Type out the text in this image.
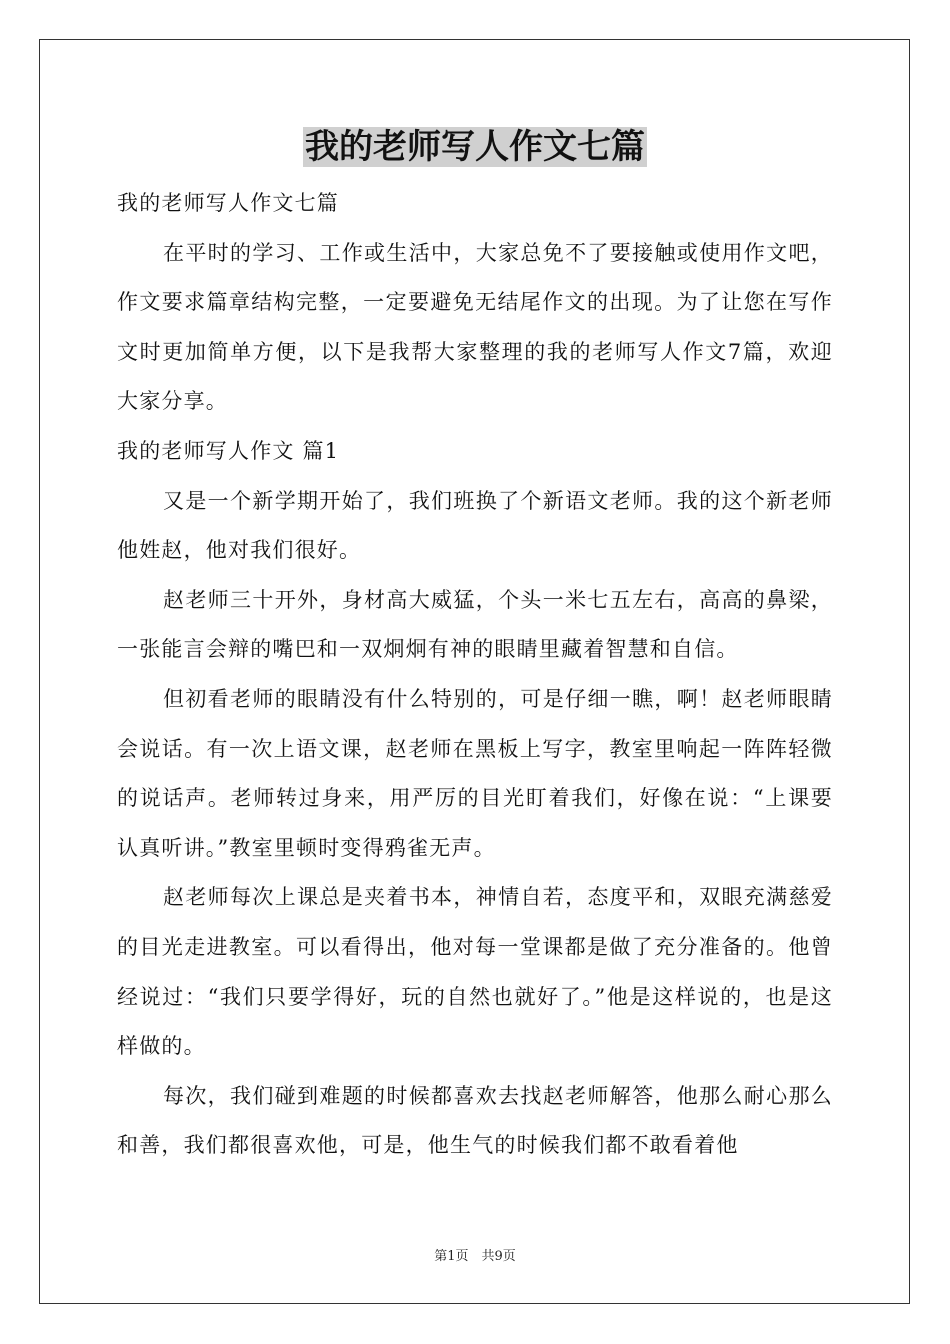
我的老师写人作文七篇

我的老师写人作文七篇

在平时的学习、工作或生活中，大家总免不了要接触或使用作文吧，作文要求篇章结构完整，一定要避免无结尾作文的出现。为了让您在写作文时更加简单方便，以下是我帮大家整理的我的老师写人作文7篇，欢迎大家分享。

我的老师写人作文 篇1

又是一个新学期开始了，我们班换了个新语文老师。我的这个新老师他姓赵，他对我们很好。

赵老师三十开外，身材高大威猛，个头一米七五左右，高高的鼻梁，一张能言会辩的嘴巴和一双炯炯有神的眼睛里藏着智慧和自信。

但初看老师的眼睛没有什么特别的，可是仔细一瞧，啊！赵老师眼睛会说话。有一次上语文课，赵老师在黑板上写字，教室里响起一阵阵轻微的说话声。老师转过身来，用严厉的目光盯着我们，好像在说：“上课要认真听讲。”教室里顿时变得鸦雀无声。

赵老师每次上课总是夹着书本，神情自若，态度平和，双眼充满慈爱的目光走进教室。可以看得出，他对每一堂课都是做了充分准备的。他曾经说过：“我们只要学得好，玩的自然也就好了。”他是这样说的，也是这样做的。

每次，我们碰到难题的时候都喜欢去找赵老师解答，他那么耐心那么和善，我们都很喜欢他，可是，他生气的时候我们都不敢看着他

第1页　共9页
